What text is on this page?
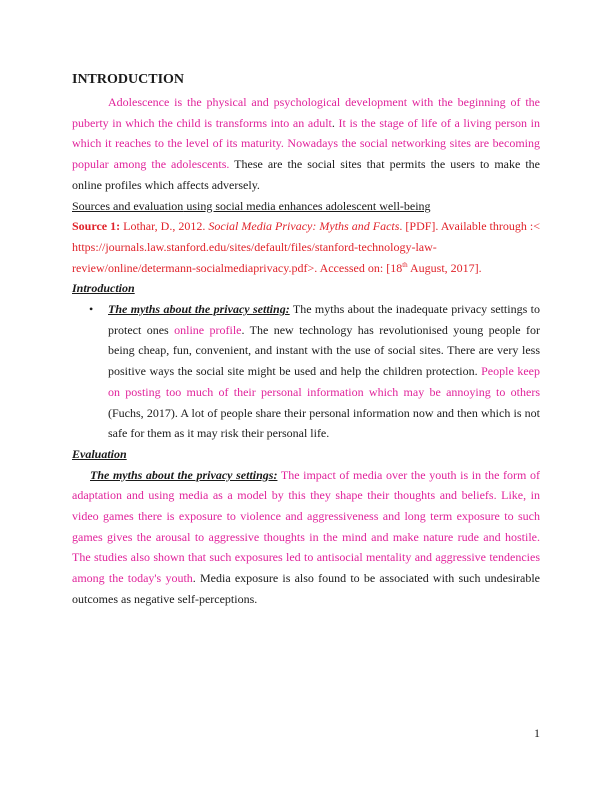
INTRODUCTION

Adolescence is the physical and psychological development with the beginning of the puberty in which the child is transforms into an adult. It is the stage of life of a living person in which it reaches to the level of its maturity. Nowadays the social networking sites are becoming popular among the adolescents. These are the social sites that permits the users to make the online profiles which affects adversely.

Sources and evaluation using social media enhances adolescent well-being

Source 1: Lothar, D., 2012. Social Media Privacy: Myths and Facts. [PDF]. Available through :< https://journals.law.stanford.edu/sites/default/files/stanford-technology-law-review/online/determann-socialmediaprivacy.pdf>. Accessed on: [18th August, 2017].

Introduction

• The myths about the privacy setting: The myths about the inadequate privacy settings to protect ones online profile. The new technology has revolutionised young people for being cheap, fun, convenient, and instant with the use of social sites. There are very less positive ways the social site might be used and help the children protection. People keep on posting too much of their personal information which may be annoying to others (Fuchs, 2017). A lot of people share their personal information now and then which is not safe for them as it may risk their personal life.

Evaluation

The myths about the privacy settings: The impact of media over the youth is in the form of adaptation and using media as a model by this they shape their thoughts and beliefs. Like, in video games there is exposure to violence and aggressiveness and long term exposure to such games gives the arousal to aggressive thoughts in the mind and make nature rude and hostile. The studies also shown that such exposures led to antisocial mentality and aggressive tendencies among the today's youth. Media exposure is also found to be associated with such undesirable outcomes as negative self-perceptions.

1
